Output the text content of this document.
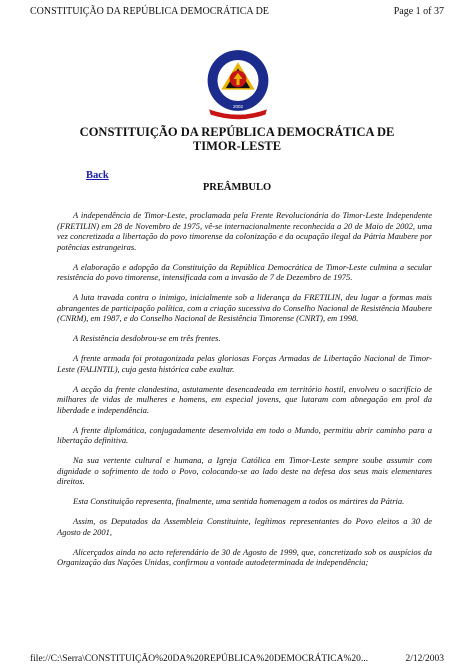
CONSTITUIÇÃO DA REPÚBLICA DEMOCRÁTICA DE	Page 1 of 37
2002
CONSTITUIÇÃO DA REPÚBLICA DEMOCRÁTICA DE
TIMOR-LESTE
Back
PREÂMBULO

A independência de Timor-Leste, proclamada pela Frente Revolucionária do Timor-Leste Independente (FRETILIN) em 28 de Novembro de 1975, vê-se internacionalmente reconhecida a 20 de Maio de 2002, uma vez concretizada a libertação do povo timorense da colonização e da ocupação ilegal da Pátria Maubere por potências estrangeiras.

A elaboração e adopção da Constituição da República Democrática de Timor-Leste culmina a secular resistência do povo timorense, intensificada com a invasão de 7 de Dezembro de 1975.

A luta travada contra o inimigo, inicialmente sob a liderança da FRETILIN, deu lugar a formas mais abrangentes de participação política, com a criação sucessiva do Conselho Nacional de Resistência Maubere (CNRM), em 1987, e do Conselho Nacional de Resistência Timorense (CNRT), em 1998.

A Resistência desdobrou-se em três frentes.

A frente armada foi protagonizada pelas gloriosas Forças Armadas de Libertação Nacional de Timor-Leste (FALINTIL), cuja gesta histórica cabe exaltar.

A acção da frente clandestina, astutamente desencadeada em território hostil, envolveu o sacrifício de milhares de vidas de mulheres e homens, em especial jovens, que lutaram com abnegação em prol da liberdade e independência.

A frente diplomática, conjugadamente desenvolvida em todo o Mundo, permitiu abrir caminho para a libertação definitiva.

Na sua vertente cultural e humana, a Igreja Católica em Timor-Leste sempre soube assumir com dignidade o sofrimento de todo o Povo, colocando-se ao lado deste na defesa dos seus mais elementares direitos.

Esta Constituição representa, finalmente, uma sentida homenagem a todos os mártires da Pátria.

Assim, os Deputados da Assembleia Constituinte, legítimos representantes do Povo eleitos a 30 de Agosto de 2001,

Alicerçados ainda no acto referendário de 30 de Agosto de 1999, que, concretizado sob os auspícios da Organização das Nações Unidas, confirmou a vontade autodeterminada de independência;

file://C:\Serra\CONSTITUIÇÃO%20DA%20REPÚBLICA%20DEMOCRÁTICA%20...	2/12/2003
